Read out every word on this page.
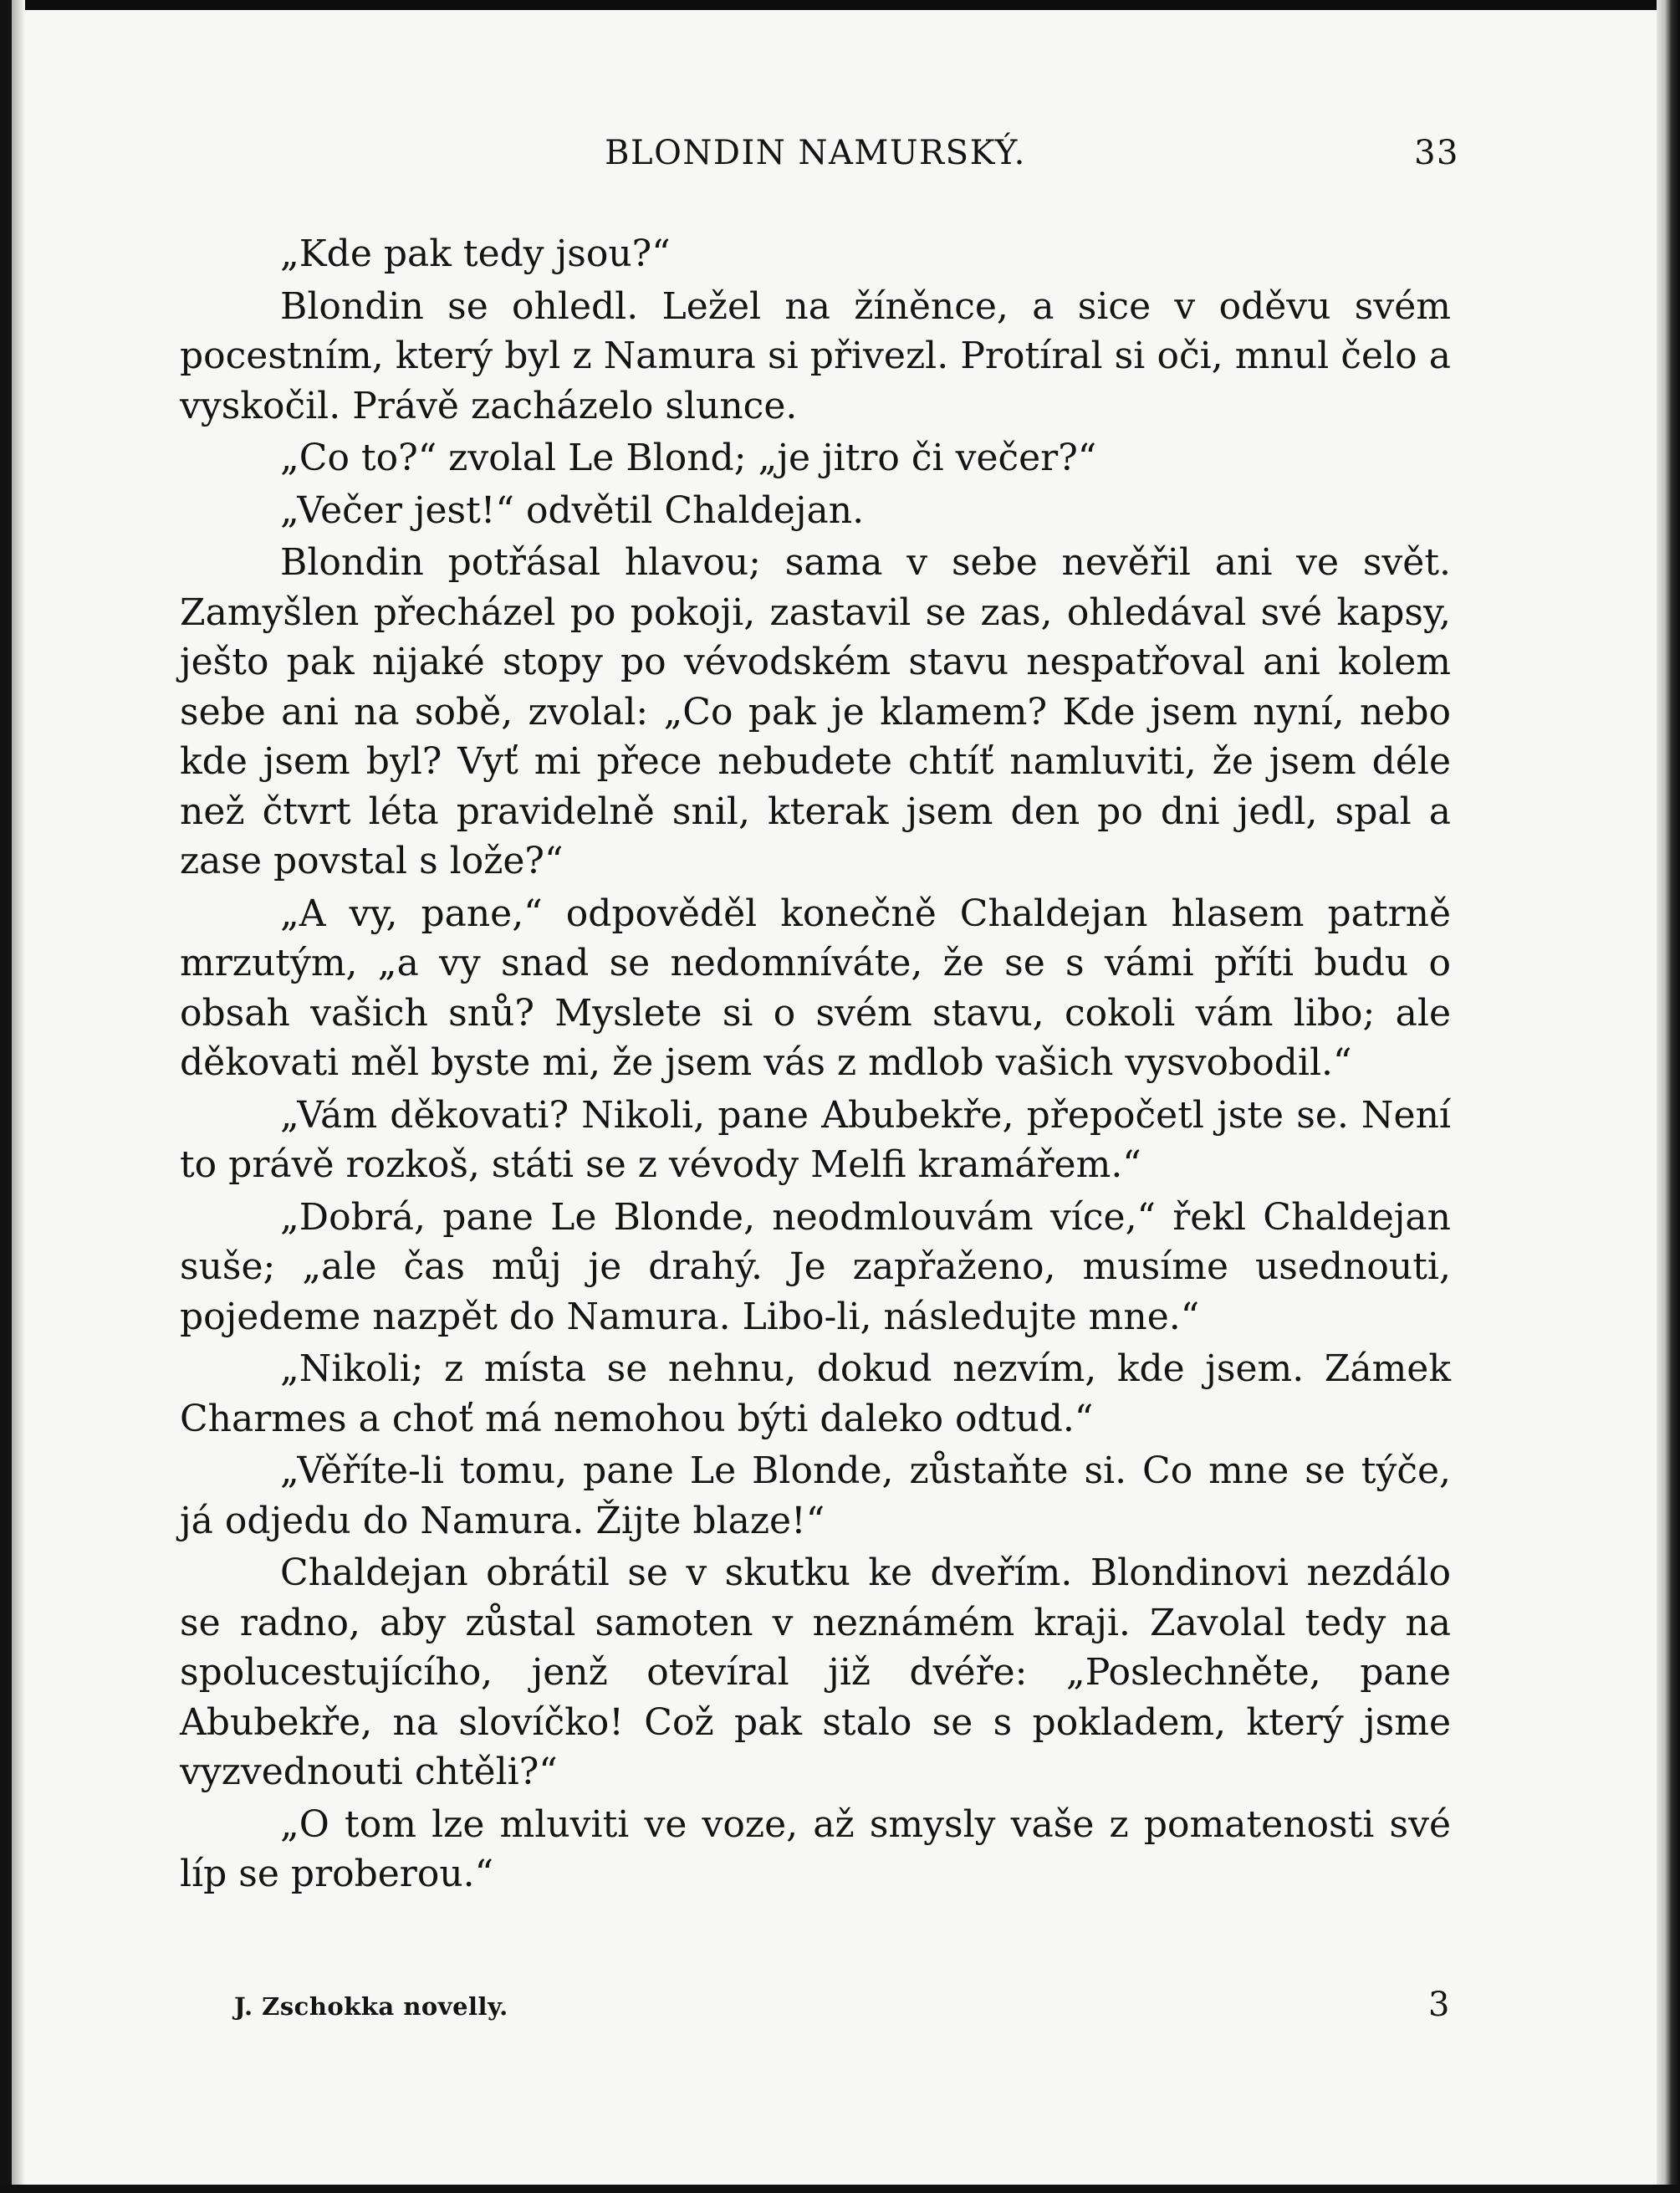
BLONDIN NAMURSKÝ.	33

„Kde pak tedy jsou?“

Blondin se ohledl. Ležel na žíněnce, a sice v oděvu svém pocestním, který byl z Namura si přivezl. Protíral si oči, mnul čelo a vyskočil. Právě zacházelo slunce.

„Co to?“ zvolal Le Blond; „je jitro či večer?“

„Večer jest!“ odvětil Chaldejan.

Blondin potřásal hlavou; sama v sebe nevěřil ani ve svět. Zamyšlen přecházel po pokoji, zastavil se zas, ohledával své kapsy, ješto pak nijaké stopy po vévodském stavu nespatřoval ani kolem sebe ani na sobě, zvolal: „Co pak je klamem? Kde jsem nyní, nebo kde jsem byl? Vyť mi přece nebudete chtíť namluviti, že jsem déle než čtvrt léta pravidelně snil, kterak jsem den po dni jedl, spal a zase povstal s lože?“

„A vy, pane,“ odpověděl konečně Chaldejan hlasem patrně mrzutým, „a vy snad se nedomníváte, že se s vámi příti budu o obsah vašich snů? Myslete si o svém stavu, cokoli vám libo; ale děkovati měl byste mi, že jsem vás z mdlob vašich vysvobodil.“

„Vám děkovati? Nikoli, pane Abubekře, přepočetl jste se. Není to právě rozkoš, státi se z vévody Melfi kramářem.“

„Dobrá, pane Le Blonde, neodmlouvám více,“ řekl Chaldejan suše; „ale čas můj je drahý. Je zapřaženo, musíme usednouti, pojedeme nazpět do Namura. Libo-li, následujte mne.“

„Nikoli; z místa se nehnu, dokud nezvím, kde jsem. Zámek Charmes a choť má nemohou býti daleko odtud.“

„Věříte-li tomu, pane Le Blonde, zůstaňte si. Co mne se týče, já odjedu do Namura. Žijte blaze!“

Chaldejan obrátil se v skutku ke dveřím. Blondinovi nezdálo se radno, aby zůstal samoten v neznámém kraji. Zavolal tedy na spolucestujícího, jenž otevíral již dvéře: „Poslechněte, pane Abubekře, na slovíčko! Což pak stalo se s pokladem, který jsme vyzvednouti chtěli?“

„O tom lze mluviti ve voze, až smysly vaše z pomatenosti své líp se proberou.“

J. Zschokka novelly.	3
